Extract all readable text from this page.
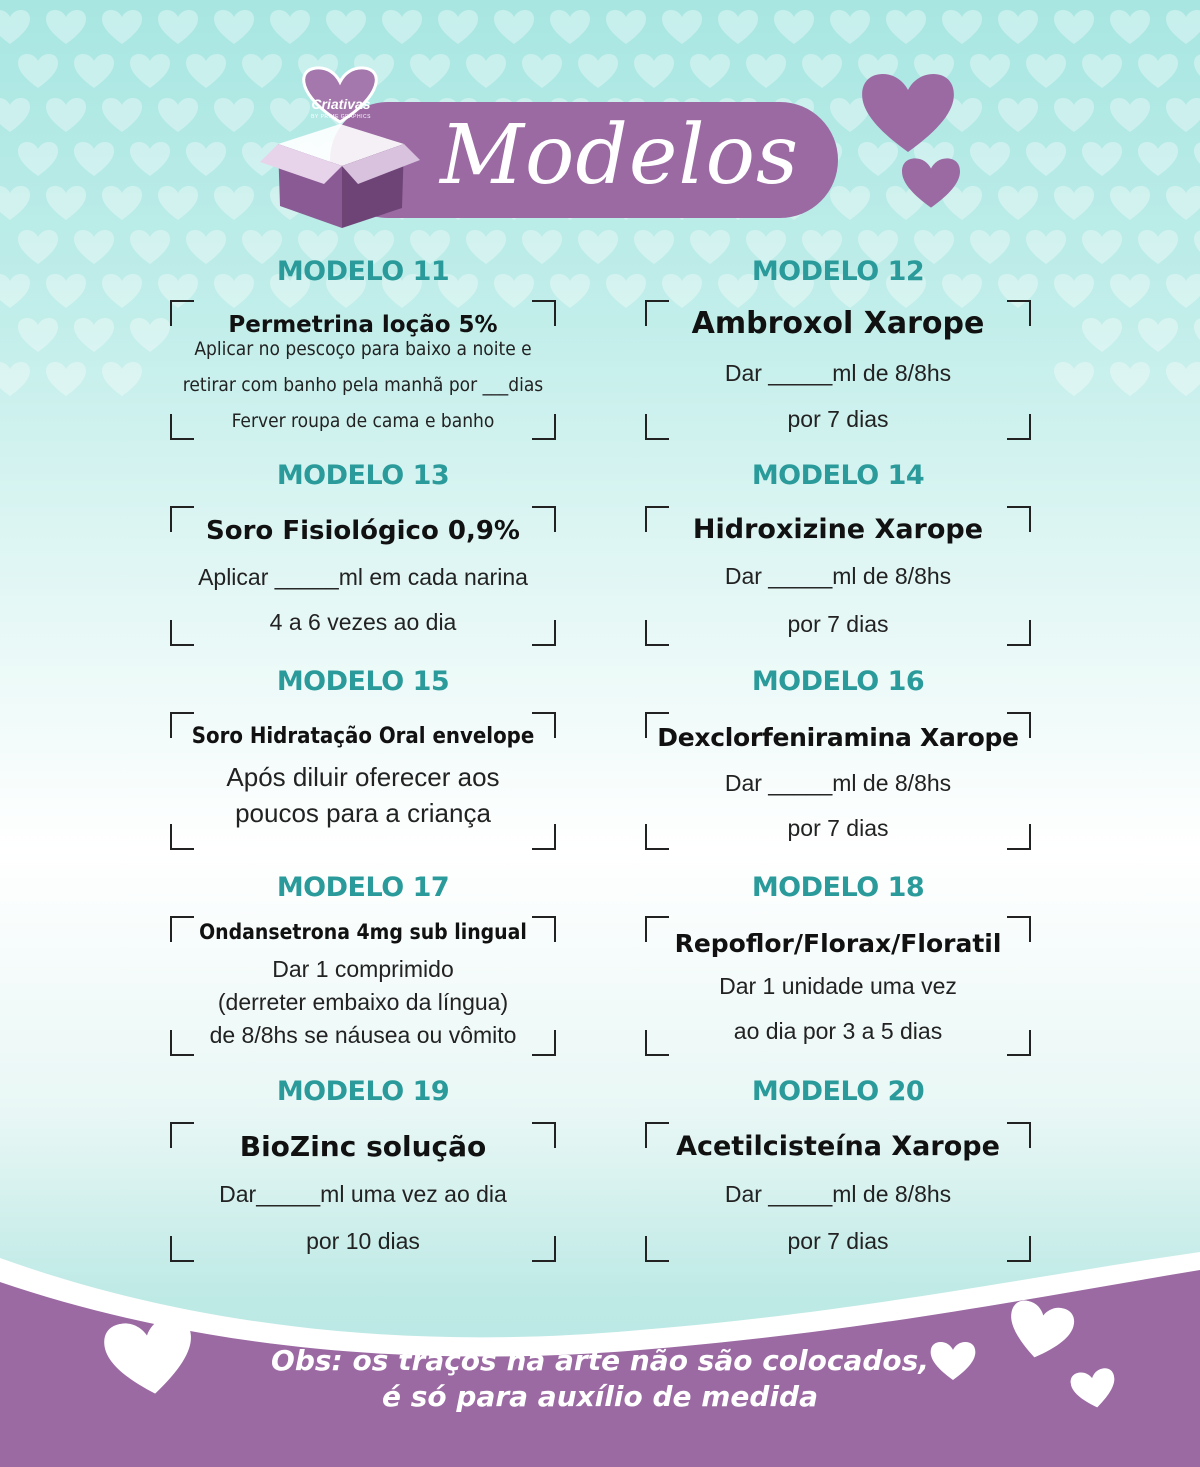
Modelos
Criativas
BY PRIME GRAPHICS
MODELO 11
Permetrina loção 5%
Aplicar no pescoço para baixo a noite e
retirar com banho pela manhã por ___dias
Ferver roupa de cama e banho
MODELO 12
Ambroxol Xarope
Dar _____ml de 8/8hs
por 7 dias
MODELO 13
Soro Fisiológico 0,9%
Aplicar _____ml em cada narina
4 a 6 vezes ao dia
MODELO 14
Hidroxizine Xarope
Dar _____ml de 8/8hs
por 7 dias
MODELO 15
Soro Hidratação Oral envelope
Após diluir oferecer aos
poucos para a criança
MODELO 16
Dexclorfeniramina Xarope
Dar _____ml de 8/8hs
por 7 dias
MODELO 17
Ondansetrona 4mg sub lingual
Dar 1 comprimido
(derreter embaixo da língua)
de 8/8hs se náusea ou vômito
MODELO 18
Repoflor/Florax/Floratil
Dar 1 unidade uma vez
ao dia por 3 a 5 dias
MODELO 19
BioZinc solução
Dar_____ml uma vez ao dia
por 10 dias
MODELO 20
Acetilcisteína Xarope
Dar _____ml de 8/8hs
por 7 dias
Obs: os traços na arte não são colocados,
é só para auxílio de medida
